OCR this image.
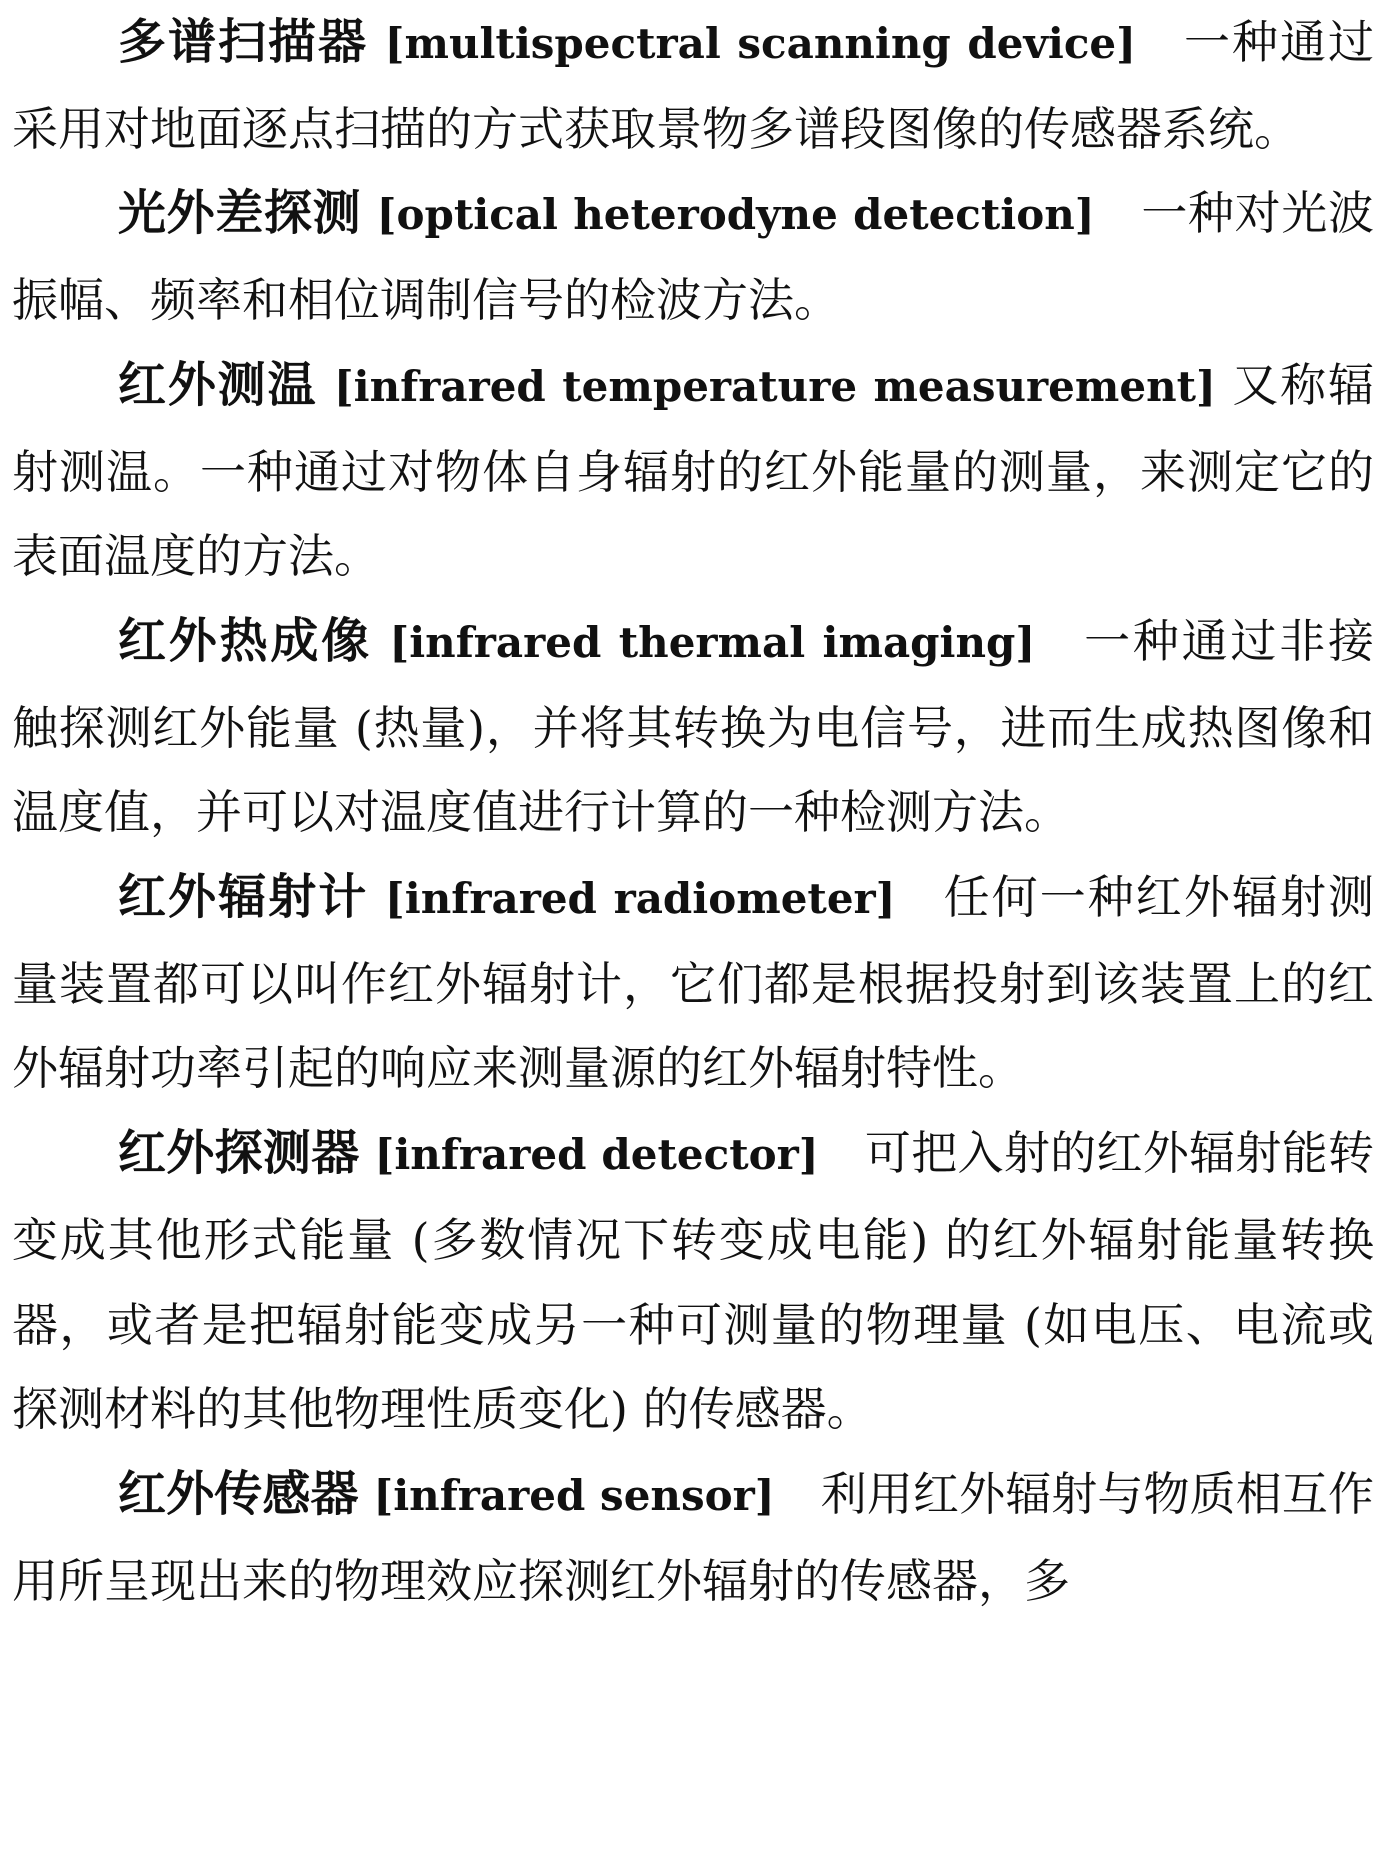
多谱扫描器 [multispectral scanning device] 一种通过采用对地面逐点扫描的方式获取景物多谱段图像的传感器系统。

光外差探测 [optical heterodyne detection] 一种对光波振幅、频率和相位调制信号的检波方法。

红外测温 [infrared temperature measurement] 又称辐射测温。一种通过对物体自身辐射的红外能量的测量，来测定它的表面温度的方法。

红外热成像 [infrared thermal imaging] 一种通过非接触探测红外能量 (热量)，并将其转换为电信号，进而生成热图像和温度值，并可以对温度值进行计算的一种检测方法。

红外辐射计 [infrared radiometer] 任何一种红外辐射测量装置都可以叫作红外辐射计，它们都是根据投射到该装置上的红外辐射功率引起的响应来测量源的红外辐射特性。

红外探测器 [infrared detector] 可把入射的红外辐射能转变成其他形式能量 (多数情况下转变成电能) 的红外辐射能量转换器，或者是把辐射能变成另一种可测量的物理量 (如电压、电流或探测材料的其他物理性质变化) 的传感器。

红外传感器 [infrared sensor] 利用红外辐射与物质相互作用所呈现出来的物理效应探测红外辐射的传感器，多
